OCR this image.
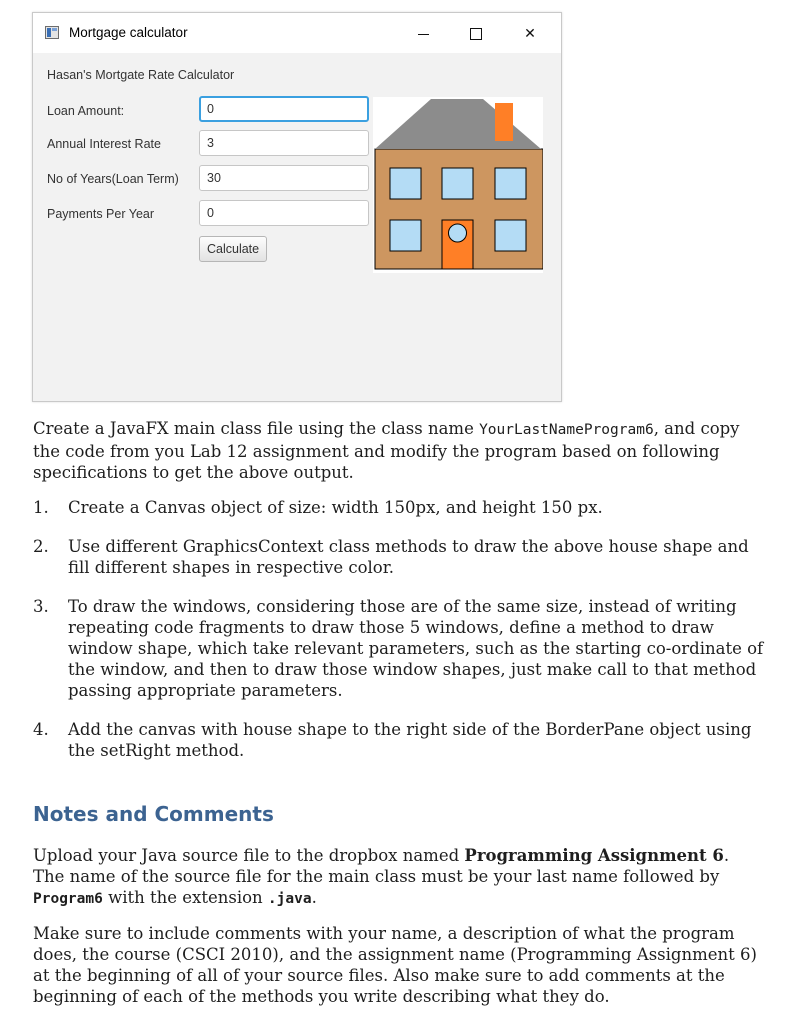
Mortgage calculator	✕
Hasan's Mortgate Rate Calculator
Loan Amount:
0
Annual Interest Rate
3
No of Years(Loan Term)
30
Payments Per Year
0
Calculate
Create a JavaFX main class file using the class name YourLastNameProgram6, and copy the code from you Lab 12 assignment and modify the program based on following specifications to get the above output.
1. Create a Canvas object of size: width 150px, and height 150 px.
2. Use different GraphicsContext class methods to draw the above house shape and fill different shapes in respective color.
3. To draw the windows, considering those are of the same size, instead of writing repeating code fragments to draw those 5 windows, define a method to draw window shape, which take relevant parameters, such as the starting co-ordinate of the window, and then to draw those window shapes, just make call to that method passing appropriate parameters.
4. Add the canvas with house shape to the right side of the BorderPane object using the setRight method.
Notes and Comments
Upload your Java source file to the dropbox named Programming Assignment 6. The name of the source file for the main class must be your last name followed by Program6 with the extension .java.
Make sure to include comments with your name, a description of what the program does, the course (CSCI 2010), and the assignment name (Programming Assignment 6) at the beginning of all of your source files. Also make sure to add comments at the beginning of each of the methods you write describing what they do.
